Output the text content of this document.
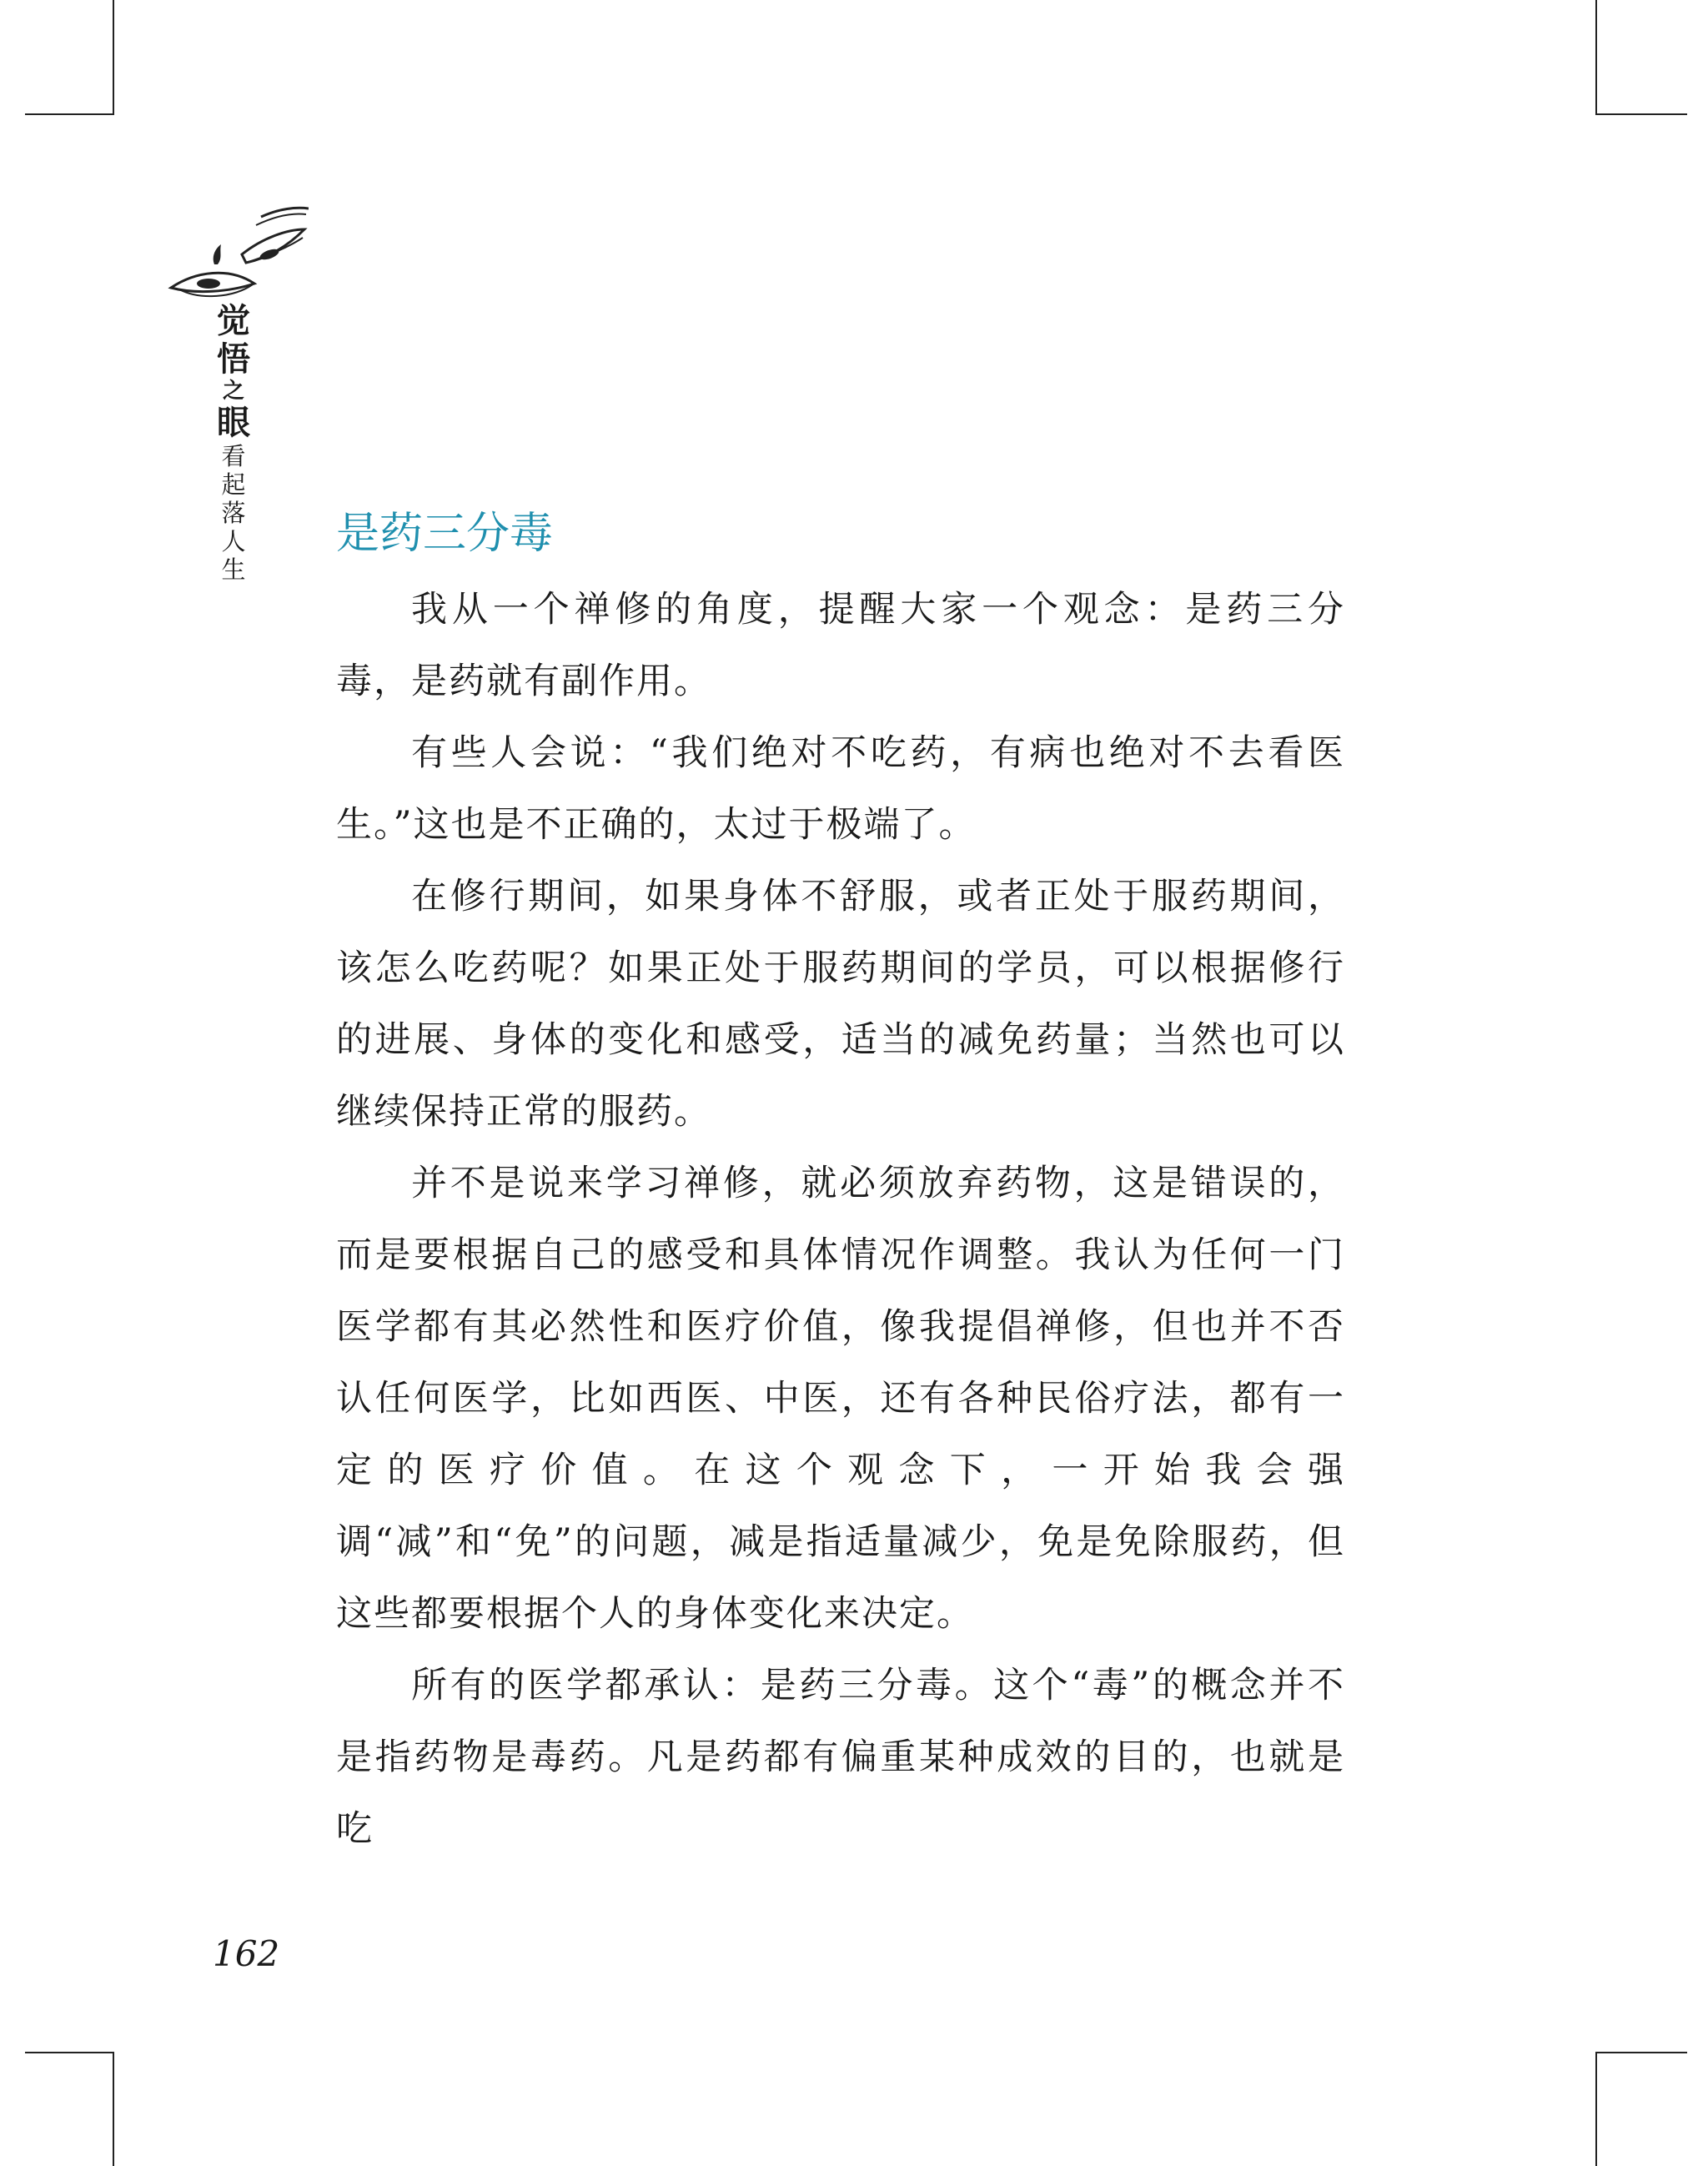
觉
悟
之
眼
看
起
落
人
生
是药三分毒

我从一个禅修的角度，提醒大家一个观念：是药三分毒，是药就有副作用。

有些人会说：“我们绝对不吃药，有病也绝对不去看医生。”这也是不正确的，太过于极端了。

在修行期间，如果身体不舒服，或者正处于服药期间，该怎么吃药呢？如果正处于服药期间的学员，可以根据修行的进展、身体的变化和感受，适当的减免药量；当然也可以继续保持正常的服药。

并不是说来学习禅修，就必须放弃药物，这是错误的，而是要根据自己的感受和具体情况作调整。我认为任何一门医学都有其必然性和医疗价值，像我提倡禅修，但也并不否认任何医学，比如西医、中医，还有各种民俗疗法，都有一定的医疗价值。在这个观念下，一开始我会强调“减”和“免”的问题，减是指适量减少，免是免除服药，但这些都要根据个人的身体变化来决定。

所有的医学都承认：是药三分毒。这个“毒”的概念并不是指药物是毒药。凡是药都有偏重某种成效的目的，也就是吃

162
